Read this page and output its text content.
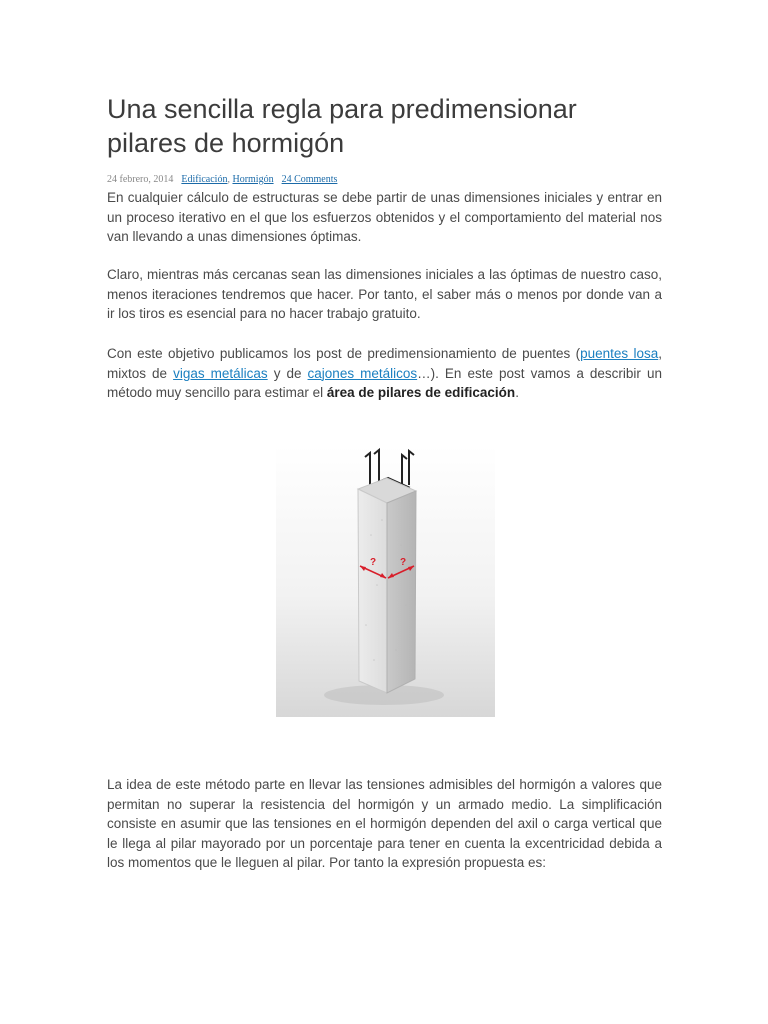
Una sencilla regla para predimensionar pilares de hormigón
24 febrero, 2014 Edificación, Hormigón 24 Comments

En cualquier cálculo de estructuras se debe partir de unas dimensiones iniciales y entrar en un proceso iterativo en el que los esfuerzos obtenidos y el comportamiento del material nos van llevando a unas dimensiones óptimas.

Claro, mientras más cercanas sean las dimensiones iniciales a las óptimas de nuestro caso, menos iteraciones tendremos que hacer. Por tanto, el saber más o menos por donde van a ir los tiros es esencial para no hacer trabajo gratuito.

Con este objetivo publicamos los post de predimensionamiento de puentes (puentes losa, mixtos de vigas metálicas y de cajones metálicos…). En este post vamos a describir un método muy sencillo para estimar el área de pilares de edificación.

La idea de este método parte en llevar las tensiones admisibles del hormigón a valores que permitan no superar la resistencia del hormigón y un armado medio. La simplificación consiste en asumir que las tensiones en el hormigón dependen del axil o carga vertical que le llega al pilar mayorado por un porcentaje para tener en cuenta la excentricidad debida a los momentos que le lleguen al pilar. Por tanto la expresión propuesta es:

? ?
